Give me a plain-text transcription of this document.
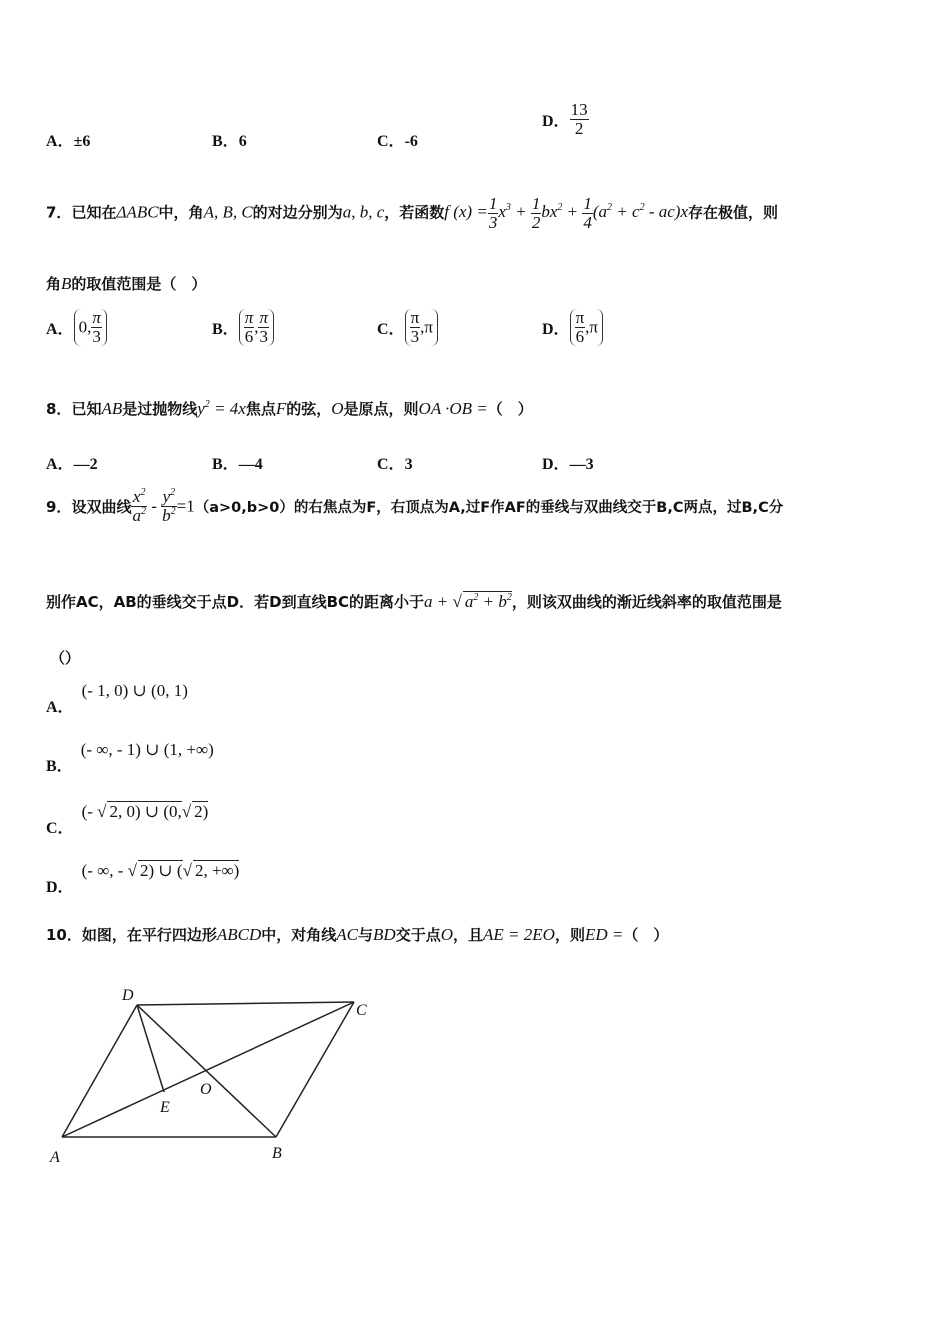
A．±6	B．6	C．-6
D． $\frac{13}{2}$
7．已知在ΔABC中，角A, B, C的对边分别为a, b, c，若函数f $(x) = \frac{1}{3} x^3 + \frac{1}{2} bx^2 + \frac{1}{4} (a^2 + c^2 - ac)x$存在极值，则
角B的取值范围是（　）
A． 0, $\frac{\pi}{3}$	B． $\frac{\pi}{6}$ , $\frac{\pi}{3}$	C． $\frac{\pi}{3} ,\pi$	D． $\frac{\pi}{6} ,\pi$
8．已知AB是过抛物线$y^2 = 4x$焦点F的弦，O是原点，则OA ·OB =（　）
A．—2	B．—4	C．3	D．—3
9．设双曲线 $\frac{x^2}{a^2} - \frac{y^2}{b^2} =1(a>0,b>0)$的右焦点为F，右顶点为A,过F作AF的垂线与双曲线交于B,C两点，过B,C分
别作AC，AB的垂线交于点D．若D到直线BC的距离小于a + √ $a^2 + b^2$，则该双曲线的渐近线斜率的取值范围是
（）
A．(- 1, 0) ∪ (0, 1)
B．(- ∞, - 1) ∪ (1, +∞)
C．(- √ 2, 0) ∪ (0,√ 2)
D．(- ∞, - √ 2) ∪ (√ 2, +∞)
10．如图，在平行四边形ABCD中，对角线AC与BD交于点O，且AE = 2EO，则ED =（　）
A	B
C
D
E
O
